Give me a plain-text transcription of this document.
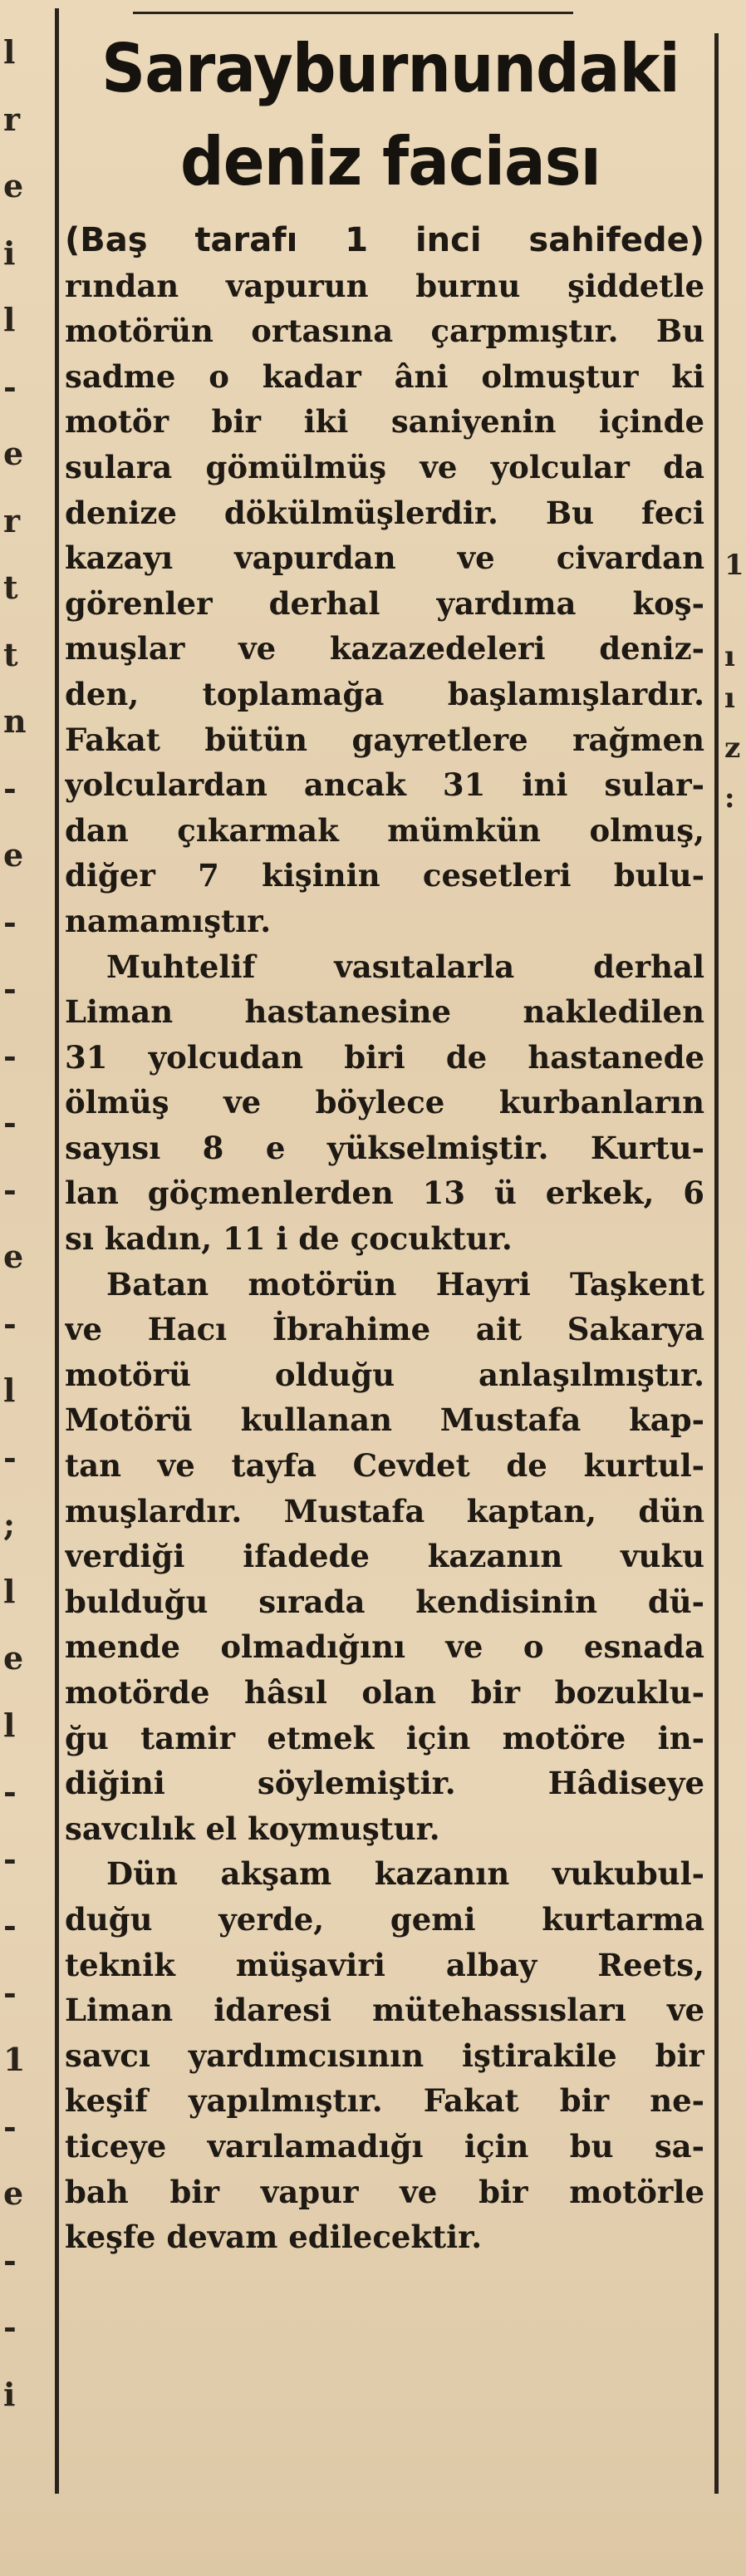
l
r
e
i
l
-
e
r
t
t
n
-
e
-
-
-
-
-
e
-
l
-
;
l
e
l
-
-
-
-
1
-
e
-
-
i
1
ı
ı
z
:
Sarayburnundaki
deniz faciası
(Baş tarafı 1 inci sahifede)
rından vapurun burnu şiddetle
motörün ortasına çarpmıştır. Bu
sadme o kadar âni olmuştur ki
motör bir iki saniyenin içinde
sulara gömülmüş ve yolcular da
denize dökülmüşlerdir. Bu feci
kazayı vapurdan ve civardan
görenler derhal yardıma koş-
muşlar ve kazazedeleri deniz-
den, toplamağa başlamışlardır.
Fakat bütün gayretlere rağmen
yolculardan ancak 31 ini sular-
dan çıkarmak mümkün olmuş,
diğer 7 kişinin cesetleri bulu-
namamıştır.
Muhtelif vasıtalarla derhal
Liman hastanesine nakledilen
31 yolcudan biri de hastanede
ölmüş ve böylece kurbanların
sayısı 8 e yükselmiştir. Kurtu-
lan göçmenlerden 13 ü erkek, 6
sı kadın, 11 i de çocuktur.
Batan motörün Hayri Taşkent
ve Hacı İbrahime ait Sakarya
motörü olduğu anlaşılmıştır.
Motörü kullanan Mustafa kap-
tan ve tayfa Cevdet de kurtul-
muşlardır. Mustafa kaptan, dün
verdiği ifadede kazanın vuku
bulduğu sırada kendisinin dü-
mende olmadığını ve o esnada
motörde hâsıl olan bir bozuklu-
ğu tamir etmek için motöre in-
diğini söylemiştir. Hâdiseye
savcılık el koymuştur.
Dün akşam kazanın vukubul-
duğu yerde, gemi kurtarma
teknik müşaviri albay Reets,
Liman idaresi mütehassısları ve
savcı yardımcısının iştirakile bir
keşif yapılmıştır. Fakat bir ne-
ticeye varılamadığı için bu sa-
bah bir vapur ve bir motörle
keşfe devam edilecektir.
